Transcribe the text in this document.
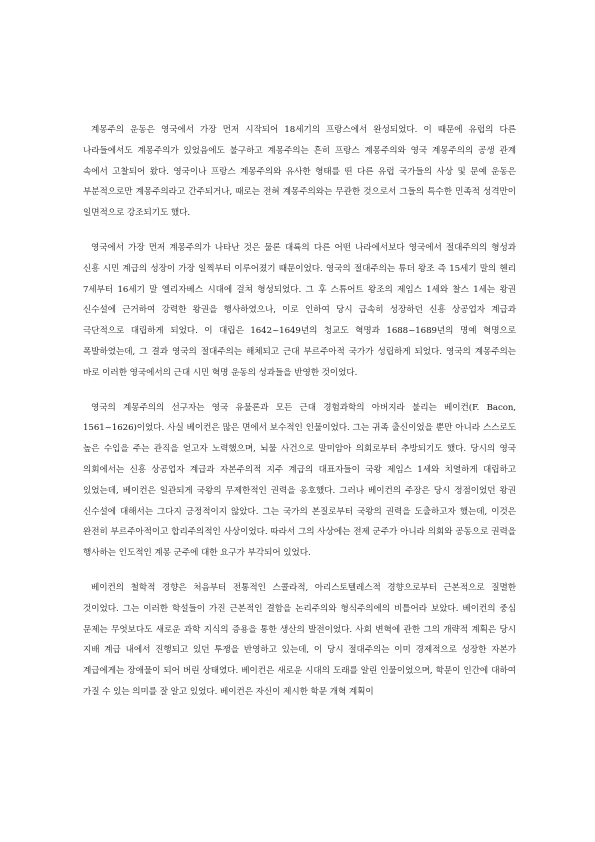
계몽주의 운동은 영국에서 가장 먼저 시작되어 18세기의 프랑스에서 완성되었다. 이 때문에 유럽의 다른 나라들에서도 계몽주의가 있었음에도 불구하고 계몽주의는 흔히 프랑스 계몽주의와 영국 계몽주의의 공생 관계 속에서 고찰되어 왔다. 영국이나 프랑스 계몽주의와 유사한 형태를 띤 다른 유럽 국가들의 사상 및 문예 운동은 부분적으로만 계몽주의라고 간주되거나, 때로는 전혀 계몽주의와는 무관한 것으로서 그들의 특수한 민족적 성격만이 일면적으로 강조되기도 했다.

영국에서 가장 먼저 계몽주의가 나타난 것은 물론 대륙의 다른 어떤 나라에서보다 영국에서 절대주의의 형성과 신흥 시민 계급의 성장이 가장 일찍부터 이루어졌기 때문이었다. 영국의 절대주의는 튜더 왕조 즉 15세기 말의 헨리 7세부터 16세기 말 엘리자베스 시대에 걸쳐 형성되었다. 그 후 스튜어트 왕조의 제임스 1세와 찰스 1세는 왕권 신수설에 근거하여 강력한 왕권을 행사하였으나, 이로 인하여 당시 급속히 성장하던 신흥 상공업자 계급과 극단적으로 대립하게 되었다. 이 대립은 1642~1649년의 청교도 혁명과 1688~1689년의 명예 혁명으로 폭발하였는데, 그 결과 영국의 절대주의는 해체되고 근대 부르주아적 국가가 성립하게 되었다. 영국의 계몽주의는 바로 이러한 영국에서의 근대 시민 혁명 운동의 성과들을 반영한 것이었다.

영국의 계몽주의의 선구자는 영국 유물론과 모든 근대 경험과학의 아버지라 불리는 베이컨(F. Bacon, 1561~1626)이었다. 사실 베이컨은 많은 면에서 보수적인 인물이었다. 그는 귀족 출신이었을 뿐만 아니라 스스로도 높은 수입을 주는 관직을 얻고자 노력했으며, 뇌물 사건으로 말미암아 의회로부터 추방되기도 했다. 당시의 영국 의회에서는 신흥 상공업자 계급과 자본주의적 지주 계급의 대표자들이 국왕 제임스 1세와 치열하게 대립하고 있었는데, 베이컨은 일관되게 국왕의 무제한적인 권력을 옹호했다. 그러나 베이컨의 주장은 당시 정점이었던 왕권 신수설에 대해서는 그다지 긍정적이지 않았다. 그는 국가의 본질로부터 국왕의 권력을 도출하고자 했는데, 이것은 완전히 부르주아적이고 합리주의적인 사상이었다. 따라서 그의 사상에는 전제 군주가 아니라 의회와 공동으로 권력을 행사하는 인도적인 계몽 군주에 대한 요구가 부각되어 있었다.

베이컨의 철학적 경향은 처음부터 전통적인 스콜라적, 아리스토텔레스적 경향으로부터 근본적으로 질멸한 것이었다. 그는 이러한 학설들이 가진 근본적인 결함을 논리주의와 형식주의에의 비틀어라 보았다. 베이컨의 중심 문제는 무엇보다도 새로운 과학 지식의 증용을 통한 생산의 발전이었다. 사회 변혁에 관한 그의 개략적 계획은 당시 지배 계급 내에서 진행되고 있던 투쟁을 반영하고 있는데, 이 당시 절대주의는 이미 경제적으로 성장한 자본가 계급에게는 장애물이 되어 버린 상태였다. 베이컨은 새로운 시대의 도래를 알린 인물이었으며, 학문이 인간에 대하여 가질 수 있는 의미를 잘 알고 있었다. 베이컨은 자신이 제시한 학문 개혁 계획이
